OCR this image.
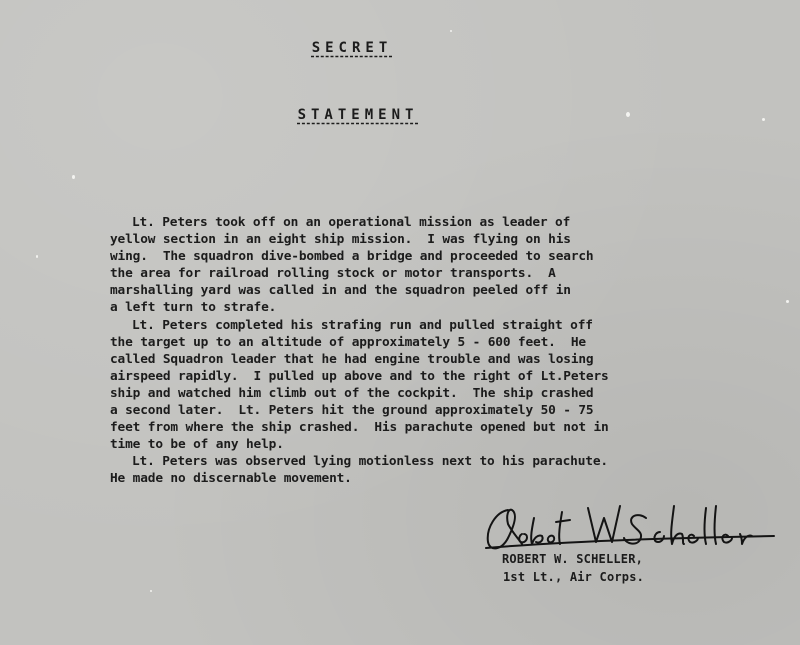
SECRET
STATEMENT
Lt. Peters took off on an operational mission as leader of
yellow section in an eight ship mission.  I was flying on his
wing.  The squadron dive-bombed a bridge and proceeded to search
the area for railroad rolling stock or motor transports.  A
marshalling yard was called in and the squadron peeled off in
a left turn to strafe.
Lt. Peters completed his strafing run and pulled straight off
the target up to an altitude of approximately 5 - 600 feet.  He
called Squadron leader that he had engine trouble and was losing
airspeed rapidly.  I pulled up above and to the right of Lt.Peters
ship and watched him climb out of the cockpit.  The ship crashed
a second later.  Lt. Peters hit the ground approximately 50 - 75
feet from where the ship crashed.  His parachute opened but not in
time to be of any help.
Lt. Peters was observed lying motionless next to his parachute.
He made no discernable movement.
ROBERT W. SCHELLER,
1st Lt., Air Corps.
